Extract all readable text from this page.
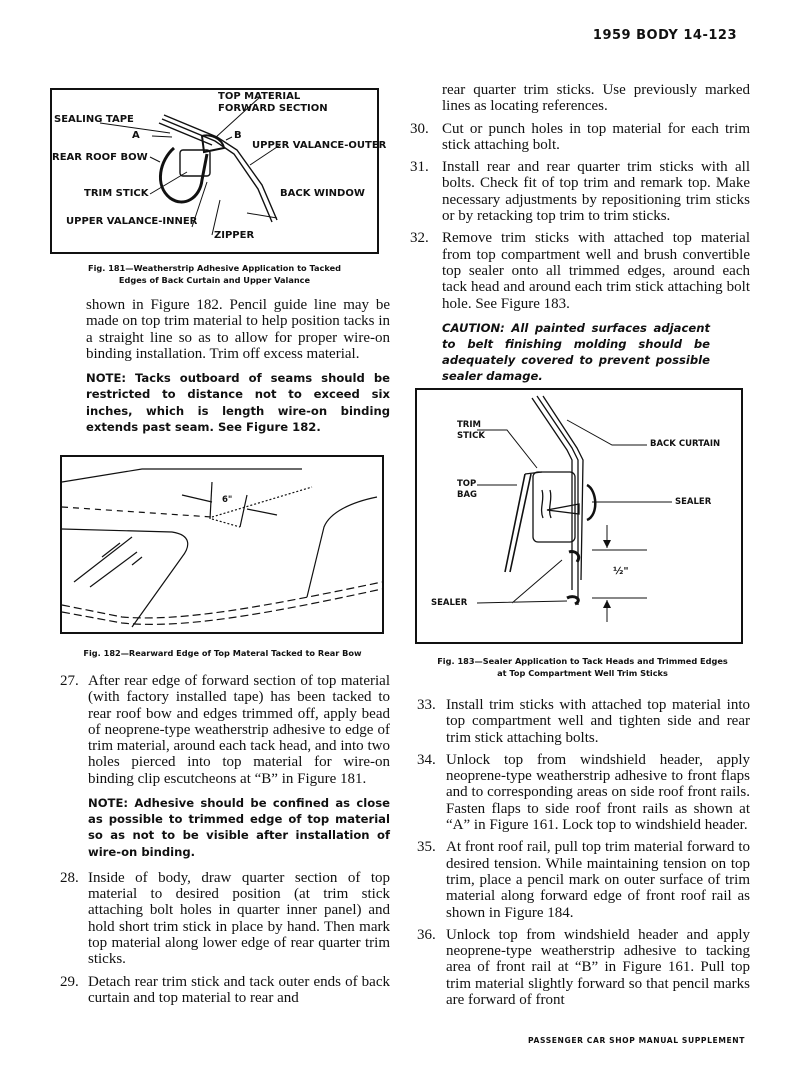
1959 BODY 14-123
TOP MATERIAL
FORWARD SECTION
SEALING TAPE
A	B
UPPER VALANCE-OUTER
REAR ROOF BOW
TRIM STICK	BACK WINDOW
UPPER VALANCE-INNER
ZIPPER
Fig. 181—Weatherstrip Adhesive Application to Tacked
Edges of Back Curtain and Upper Valance

shown in Figure 182. Pencil guide line may be made on top trim material to help position tacks in a straight line so as to allow for proper wire-on binding installation. Trim off excess material.

NOTE: Tacks outboard of seams should be restricted to distance not to exceed six inches, which is length wire-on binding extends past seam. See Figure 182.

6"
Fig. 182—Rearward Edge of Top Materal Tacked to Rear Bow
27. After rear edge of forward section of top material (with factory installed tape) has been tacked to rear roof bow and edges trimmed off, apply bead of neoprene-type weatherstrip adhesive to edge of trim material, around each tack head, and into two holes pierced into top material for wire-on binding clip escutcheons at “B” in Figure 181.

NOTE: Adhesive should be confined as close as possible to trimmed edge of top material so as not to be visible after installation of wire-on binding.

28. Inside of body, draw quarter section of top material to desired position (at trim stick attaching bolt holes in quarter inner panel) and hold short trim stick in place by hand. Then mark top material along lower edge of rear quarter trim sticks.
29. Detach rear trim stick and tack outer ends of back curtain and top material to rear and

rear quarter trim sticks. Use previously marked lines as locating references.

30. Cut or punch holes in top material for each trim stick attaching bolt.
31. Install rear and rear quarter trim sticks with all bolts. Check fit of top trim and remark top. Make necessary adjustments by repositioning trim sticks or by retacking top trim to trim sticks.
32. Remove trim sticks with attached top material from top compartment well and brush convertible top sealer onto all trimmed edges, around each tack head and around each trim stick attaching bolt hole. See Figure 183.

CAUTION: All painted surfaces adjacent to belt finishing molding should be adequately covered to prevent possible sealer damage.

TRIM
STICK
BACK CURTAIN
TOP
BAG
SEALER
½"
SEALER
Fig. 183—Sealer Application to Tack Heads and Trimmed Edges
at Top Compartment Well Trim Sticks
33. Install trim sticks with attached top material into top compartment well and tighten side and rear trim stick attaching bolts.
34. Unlock top from windshield header, apply neoprene-type weatherstrip adhesive to front flaps and to corresponding areas on side roof front rails. Fasten flaps to side roof front rails as shown at “A” in Figure 161. Lock top to windshield header.
35. At front roof rail, pull top trim material forward to desired tension. While maintaining tension on top trim, place a pencil mark on outer surface of trim material along forward edge of front roof rail as shown in Figure 184.
36. Unlock top from windshield header and apply neoprene-type weatherstrip adhesive to tacking area of front rail at “B” in Figure 161. Pull top trim material slightly forward so that pencil marks are forward of front
PASSENGER CAR SHOP MANUAL SUPPLEMENT
